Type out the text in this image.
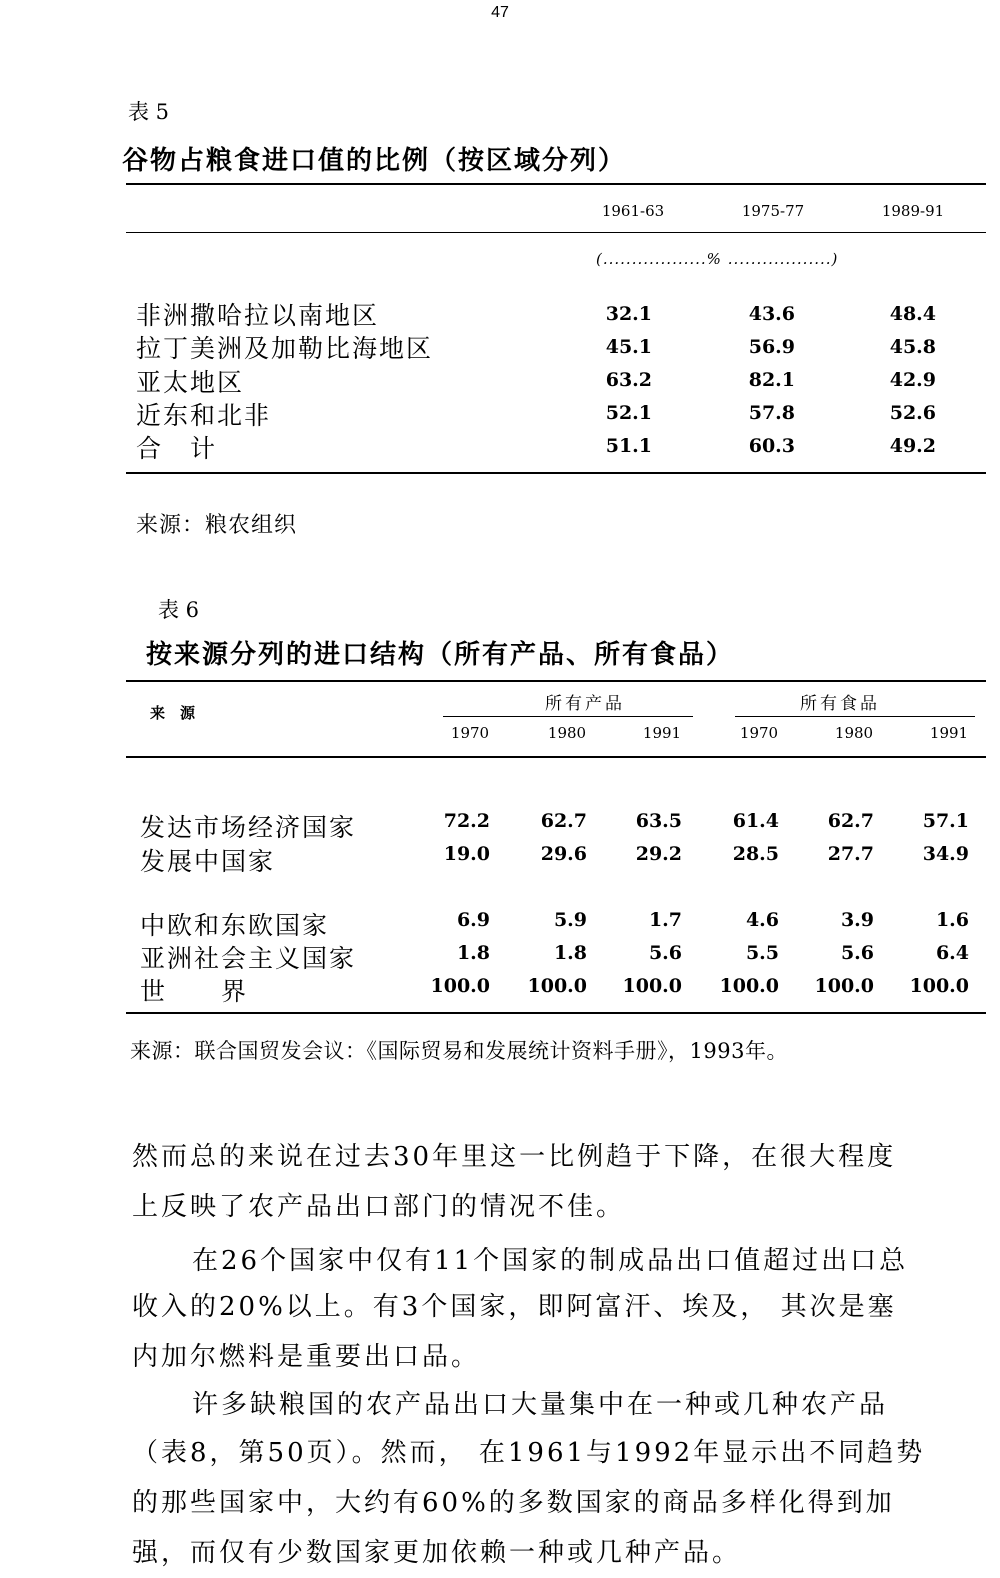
47
表 5
谷物占粮食进口值的比例（按区域分列）
1961-63	1975-77	1989-91
(..................% ..................)
非洲撒哈拉以南地区	32.1	43.6	48.4
拉丁美洲及加勒比海地区	45.1	56.9	45.8
亚太地区	63.2	82.1	42.9
近东和北非	52.1	57.8	52.6
合　计	51.1	60.3	49.2
来源：粮农组织
表 6
按来源分列的进口结构（所有产品、所有食品）
来　源	所有产品	所有食品
1970	1980	1991	1970	1980	1991
发达市场经济国家	72.2	62.7	63.5	61.4	62.7	57.1
发展中国家	19.0	29.6	29.2	28.5	27.7	34.9
中欧和东欧国家	6.9	5.9	1.7	4.6	3.9	1.6
亚洲社会主义国家	1.8	1.8	5.6	5.5	5.6	6.4
世　　界	100.0	100.0	100.0	100.0	100.0	100.0
来源：联合国贸发会议：《国际贸易和发展统计资料手册》，1993年。
然而总的来说在过去30年里这一比例趋于下降，在很大程度
上反映了农产品出口部门的情况不佳。
在26个国家中仅有11个国家的制成品出口值超过出口总
收入的20%以上。有3个国家，即阿富汗、埃及， 其次是塞
内加尔燃料是重要出口品。
许多缺粮国的农产品出口大量集中在一种或几种农产品
（表8，第50页）。然而， 在1961与1992年显示出不同趋势
的那些国家中，大约有60%的多数国家的商品多样化得到加
强，而仅有少数国家更加依赖一种或几种产品。
